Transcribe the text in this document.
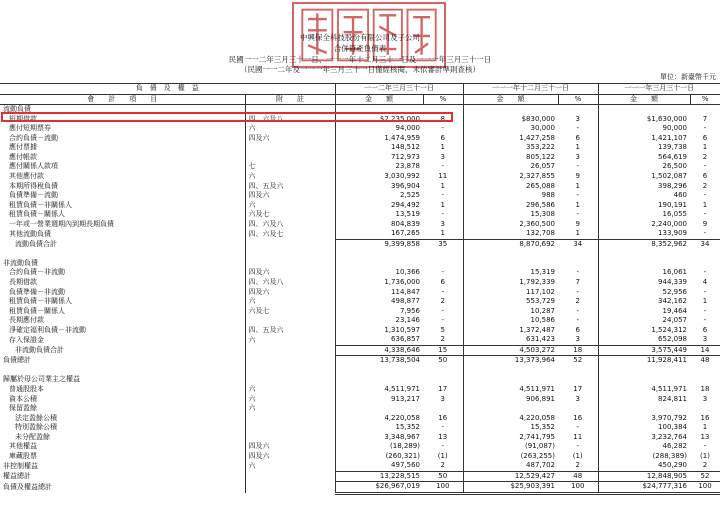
中興保全科技股份有限公司及子公司
合併資產負債表
民國一一二年三月三十一日、一一一年十二月三十一日及一一一年三月三十一日
（民國一一二年及一一一年三月三十一日僅經核閱，未依審計準則查核）
單位：新臺幣千元
負　債　及　權　益		一一二年三月三十一日		一一一年十二月三十一日		一一一年三月三十一日	
會　　計　　項　　目	附　　註	金　　額	%	金　　額	%	金　　額	%
流動負債							
短期借款	四、六及八	$2,235,000	8	$830,000	3	$1,630,000	7
應付短期票券	六	94,000	-	30,000	-	90,000	-
合約負債－流動	四及六	1,474,959	6	1,427,258	6	1,421,107	6
應付票據		148,512	1	353,222	1	139,738	1
應付帳款		712,973	3	805,122	3	564,619	2
應付關係人款項	七	23,878	-	26,057	-	26,500	-
其他應付款	六	3,030,992	11	2,327,855	9	1,502,087	6
本期所得稅負債	四、五及六	396,904	1	265,088	1	398,296	2
負債準備－流動	四及六	2,525	-	988	-	460	-
租賃負債－非關係人	六	294,492	1	296,586	1	190,191	1
租賃負債－關係人	六及七	13,519	-	15,308	-	16,055	-
一年或一營業週期內到期長期負債	四、六及八	804,839	3	2,360,500	9	2,240,000	9
其他流動負債	四、六及七	167,265	1	132,708	1	133,909	-
流動負債合計		9,399,858	35	8,870,692	34	8,352,962	34

非流動負債							
合約負債－非流動	四及六	10,366	-	15,319	-	16,061	-
長期借款	四、六及八	1,736,000	6	1,792,339	7	944,339	4
負債準備－非流動	四及六	114,847	-	117,102	-	52,956	-
租賃負債－非關係人	六	498,877	2	553,729	2	342,162	1
租賃負債－關係人	六及七	7,956	-	10,287	-	19,464	-
長期應付款		23,146	-	10,586	-	24,057	-
淨確定福利負債－非流動	四、五及六	1,310,597	5	1,372,487	6	1,524,312	6
存入保證金	六	636,857	2	631,423	3	652,098	3
非流動負債合計		4,338,646	15	4,503,272	18	3,575,449	14
負債總計		13,738,504	50	13,373,964	52	11,928,411	48

歸屬於母公司業主之權益							
普通股股本	六	4,511,971	17	4,511,971	17	4,511,971	18
資本公積	六	913,217	3	906,891	3	824,811	3
保留盈餘	六						
法定盈餘公積		4,220,058	16	4,220,058	16	3,970,792	16
特別盈餘公積		15,352	-	15,352	-	100,384	1
未分配盈餘		3,348,967	13	2,741,795	11	3,232,764	13
其他權益	四及六	(18,289)	-	(91,087)	-	46,282	-
庫藏股票	四及六	(260,321)	(1)	(263,255)	(1)	(288,389)	(1)
非控制權益	六	497,560	2	487,702	2	450,290	2
權益總計		13,228,515	50	12,529,427	48	12,848,905	52
負債及權益總計		$26,967,019	100	$25,903,391	100	$24,777,316	100
